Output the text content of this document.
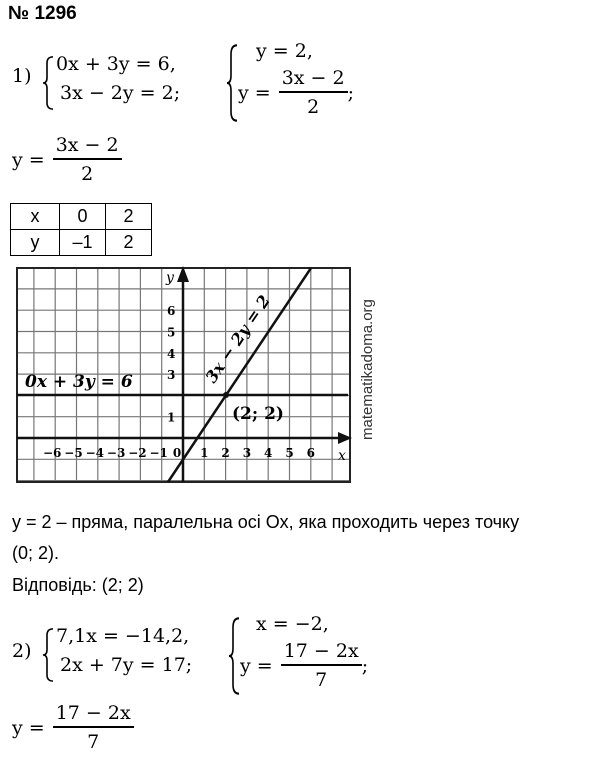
№ 1296
1)
0x + 3y = 6,
3x − 2y = 2;
y = 2,
$y = \frac{3x - 2}{2}$ ;
$y = \frac{3x - 2}{2}$
x	0	2
y	–1	2
−6 −5 −4 −3 −2 −1 0 1 2 3 4 5 6
1
3
4
5
6
y
x
0x + 3y = 6	3x − 2y = 2
(2; 2)	matematikadoma.org
y = 2 – пряма, паралельна осі Ох, яка проходить через точку
(0; 2).
Відповідь: (2; 2)
2)
7,1x = −14,2,
2x + 7y = 17;
x = −2,
$y = \frac{17 - 2x}{7}$ ;
$y = \frac{17 - 2x}{7}$
